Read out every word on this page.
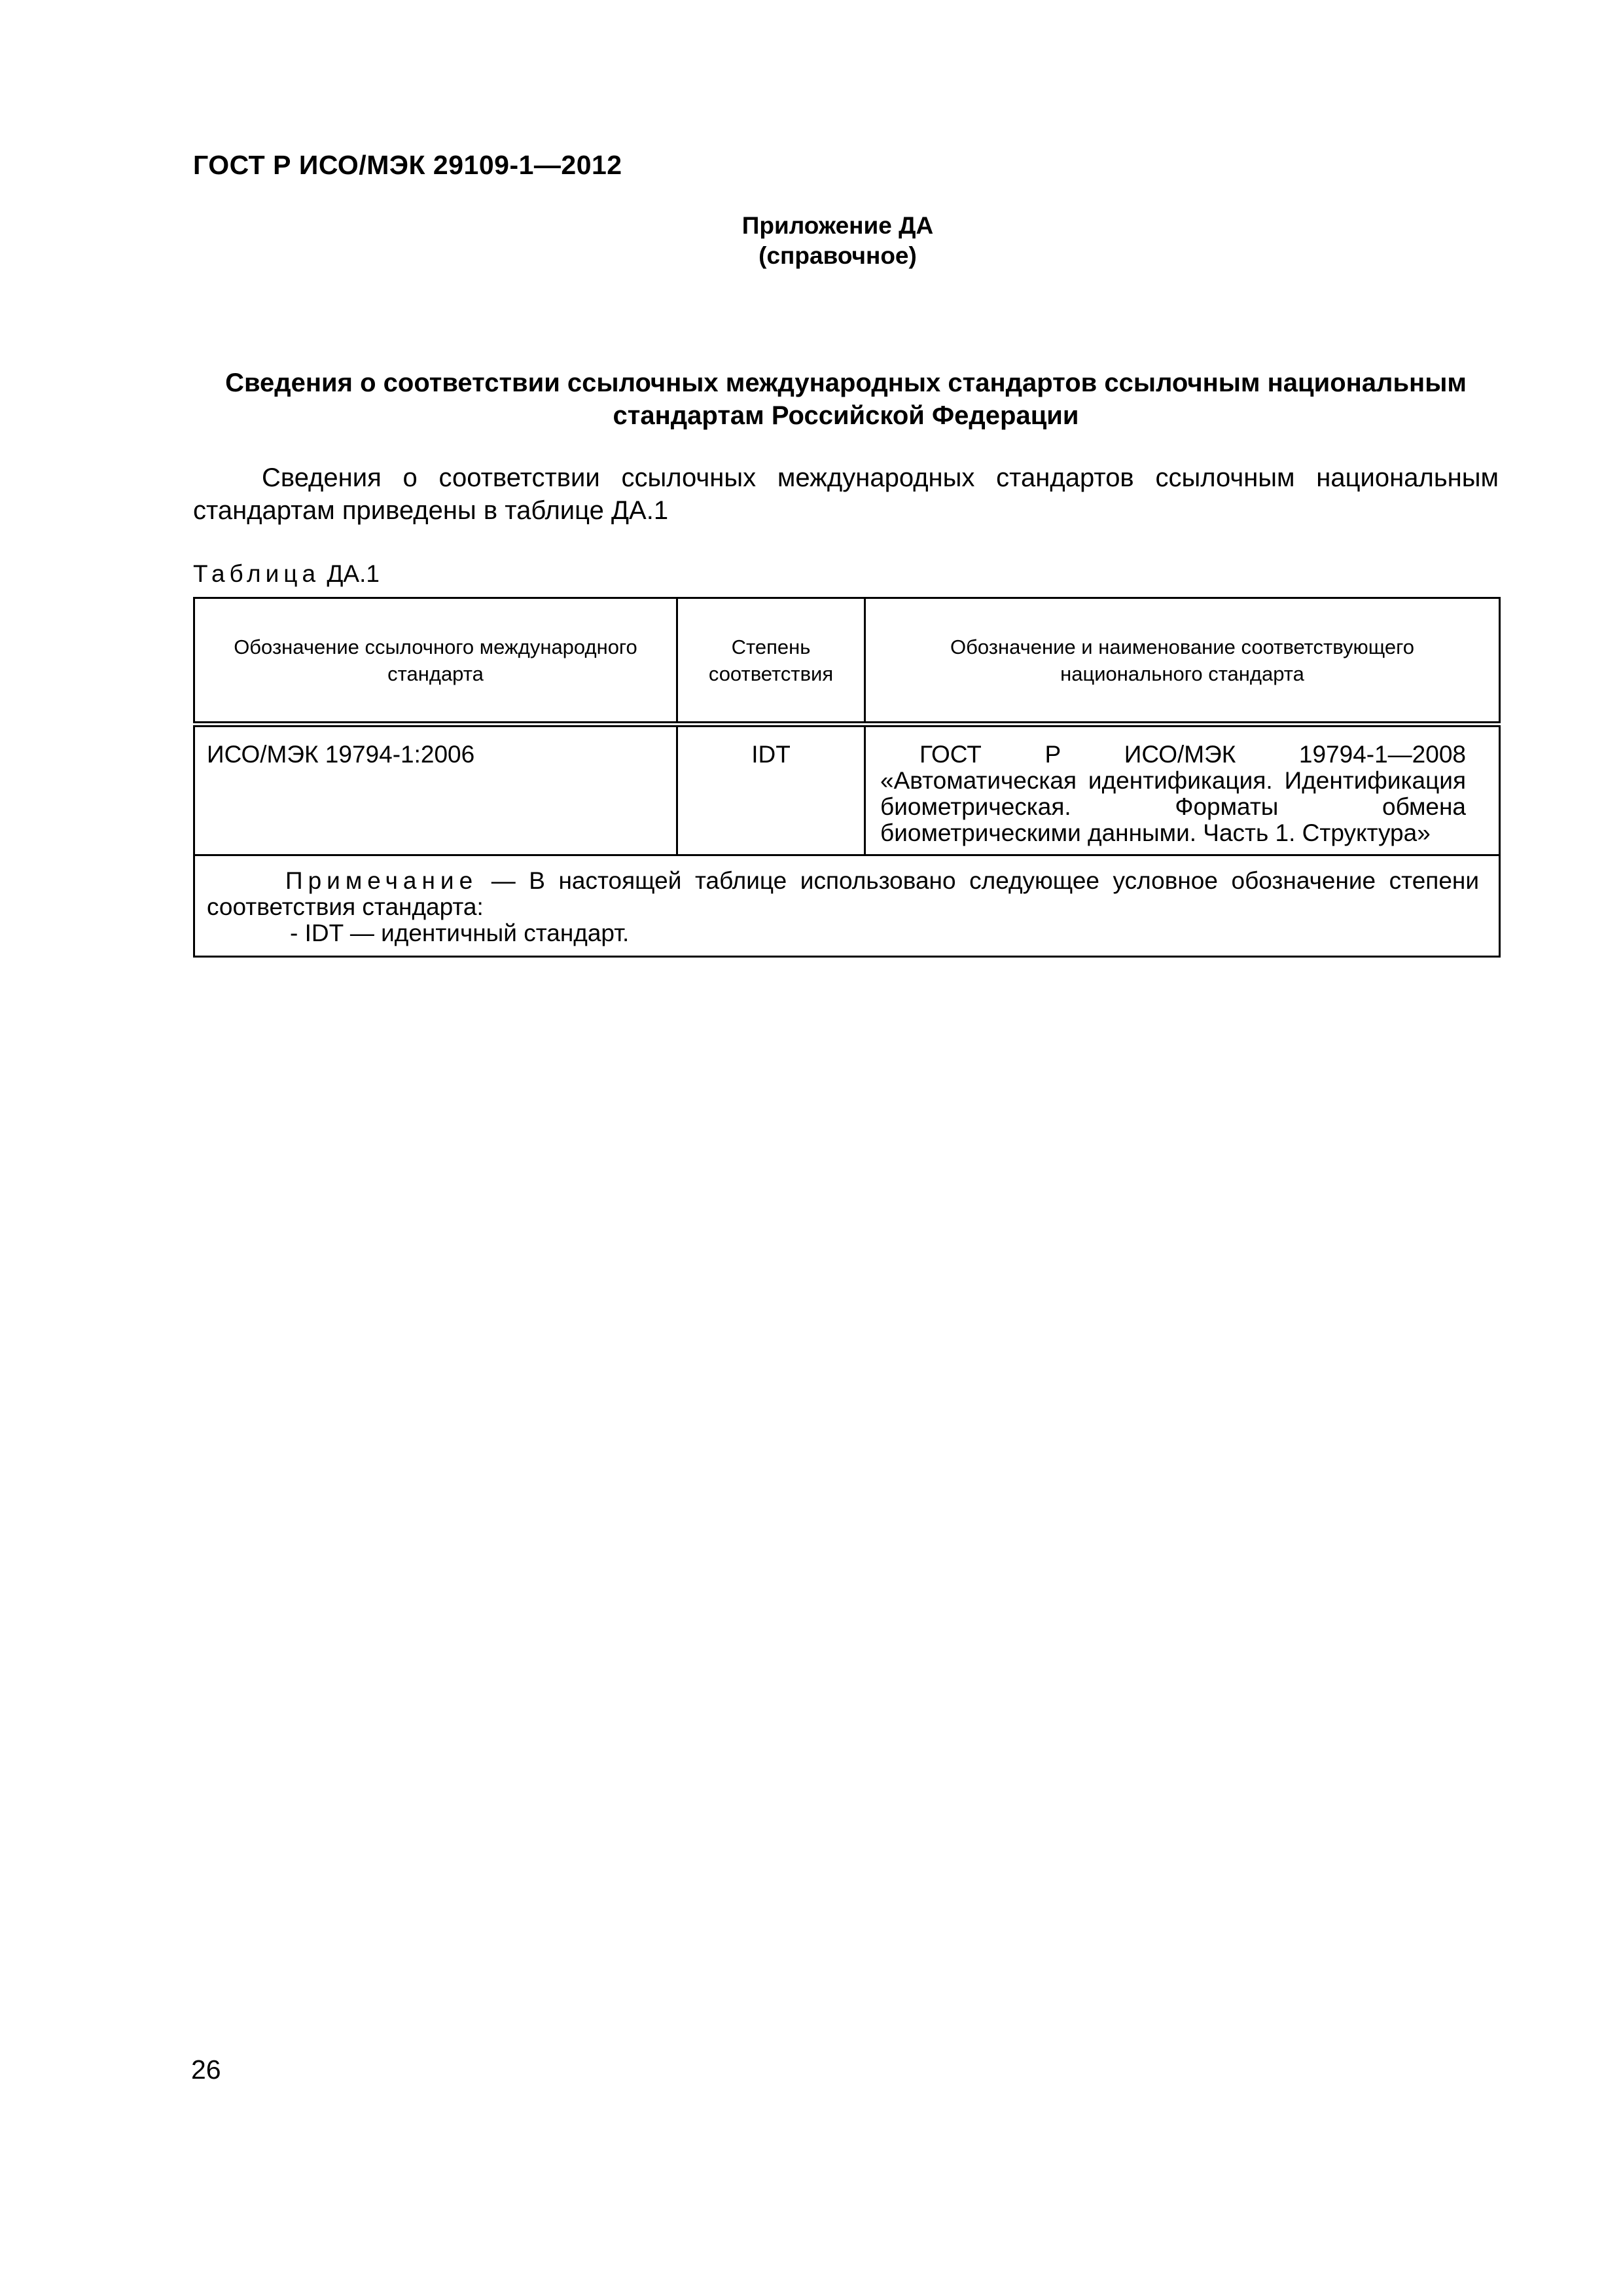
ГОСТ Р ИСО/МЭК 29109-1—2012
Приложение ДА
(справочное)
Сведения о соответствии ссылочных международных стандартов ссылочным национальным
стандартам Российской Федерации
Сведения о соответствии ссылочных международных стандартов ссылочным национальным стандартам приведены в таблице ДА.1
Таблица ДА.1
Обозначение ссылочного международного стандарта	Степень соответствия	Обозначение и наименование соответствующего национального стандарта

ИСО/МЭК 19794-1:2006	IDT	ГОСТ Р ИСО/МЭК 19794-1—2008 «Автоматическая идентификация. Идентификация биометрическая. Форматы обмена биометрическими данными. Часть 1. Структура»

Примечание — В настоящей таблице использовано следующее условное обозначение степени соответствия стандарта:
- IDT — идентичный стандарт.		
26
